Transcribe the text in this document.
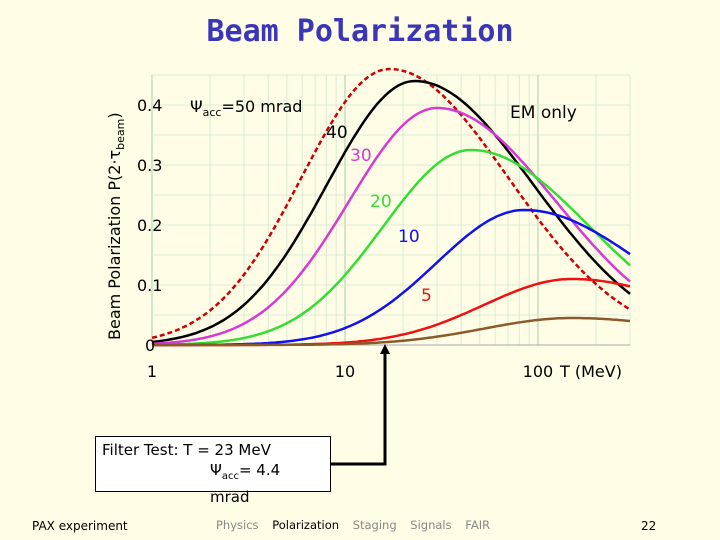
Beam Polarization
0
0.1
0.2
0.3
0.4
1	10	100
EM only
40
30
20
10
5
Beam Polarization $P(2\cdot\tau_{beam})$	$\Psi_{acc}=50$ mrad
T (MeV)
Filter Test: T = 23 MeV
$\Psi_{acc}= 4.4$ mrad
PAX experiment	Physics Polarization Staging Signals FAIR	22
